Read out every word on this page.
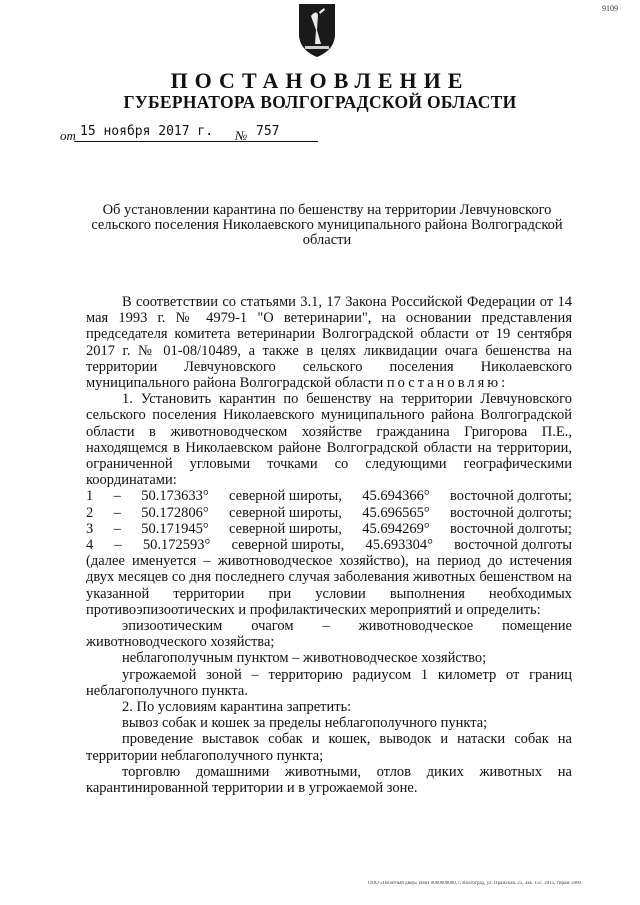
9109
ПОСТАНОВЛЕНИЕ
ГУБЕРНАТОРА ВОЛГОГРАДСКОЙ ОБЛАСТИ
от 15 ноября 2017 г. № 757
Об установлении карантина по бешенству на территории Левчуновского сельского поселения Николаевского муниципального района Волгоградской области

В соответствии со статьями 3.1, 17 Закона Российской Федерации от 14 мая 1993 г. № 4979-1 "О ветеринарии", на основании представления председателя комитета ветеринарии Волгоградской области от 19 сентября 2017 г. № 01-08/10489, а также в целях ликвидации очага бешенства на территории Левчуновского сельского поселения Николаевского муниципального района Волгоградской области постановляю:

1. Установить карантин по бешенству на территории Левчуновского сельского поселения Николаевского муниципального района Волгоградской области в животноводческом хозяйстве гражданина Григорова П.Е., находящемся в Николаевском районе Волгоградской области на территории, ограниченной угловыми точками со следующими географическими координатами:

1 – 50.173633° северной широты, 45.694366° восточной долготы;
2 – 50.172806° северной широты, 45.696565° восточной долготы;
3 – 50.171945° северной широты, 45.694269° восточной долготы;
4 – 50.172593° северной широты, 45.693304° восточной долготы

(далее именуется – животноводческое хозяйство), на период до истечения двух месяцев со дня последнего случая заболевания животных бешенством на указанной территории при условии выполнения необходимых противоэпизоотических и профилактических мероприятий и определить:

эпизоотическим очагом – животноводческое помещение животноводческого хозяйства;

неблагополучным пунктом – животноводческое хозяйство;

угрожаемой зоной – территорию радиусом 1 километр от границ неблагополучного пункта.

2. По условиям карантина запретить:

вывоз собак и кошек за пределы неблагополучного пункта;

проведение выставок собак и кошек, выводок и натаски собак на территории неблагополучного пункта;

торговлю домашними животными, отлов диких животных на карантинированной территории и в угрожаемой зоне.

ООО «Печатный двор» ИНН 0000000000, г. Волгоград, ул. Пражская, 25, Зак. 15с. 2015, тираж 5000
